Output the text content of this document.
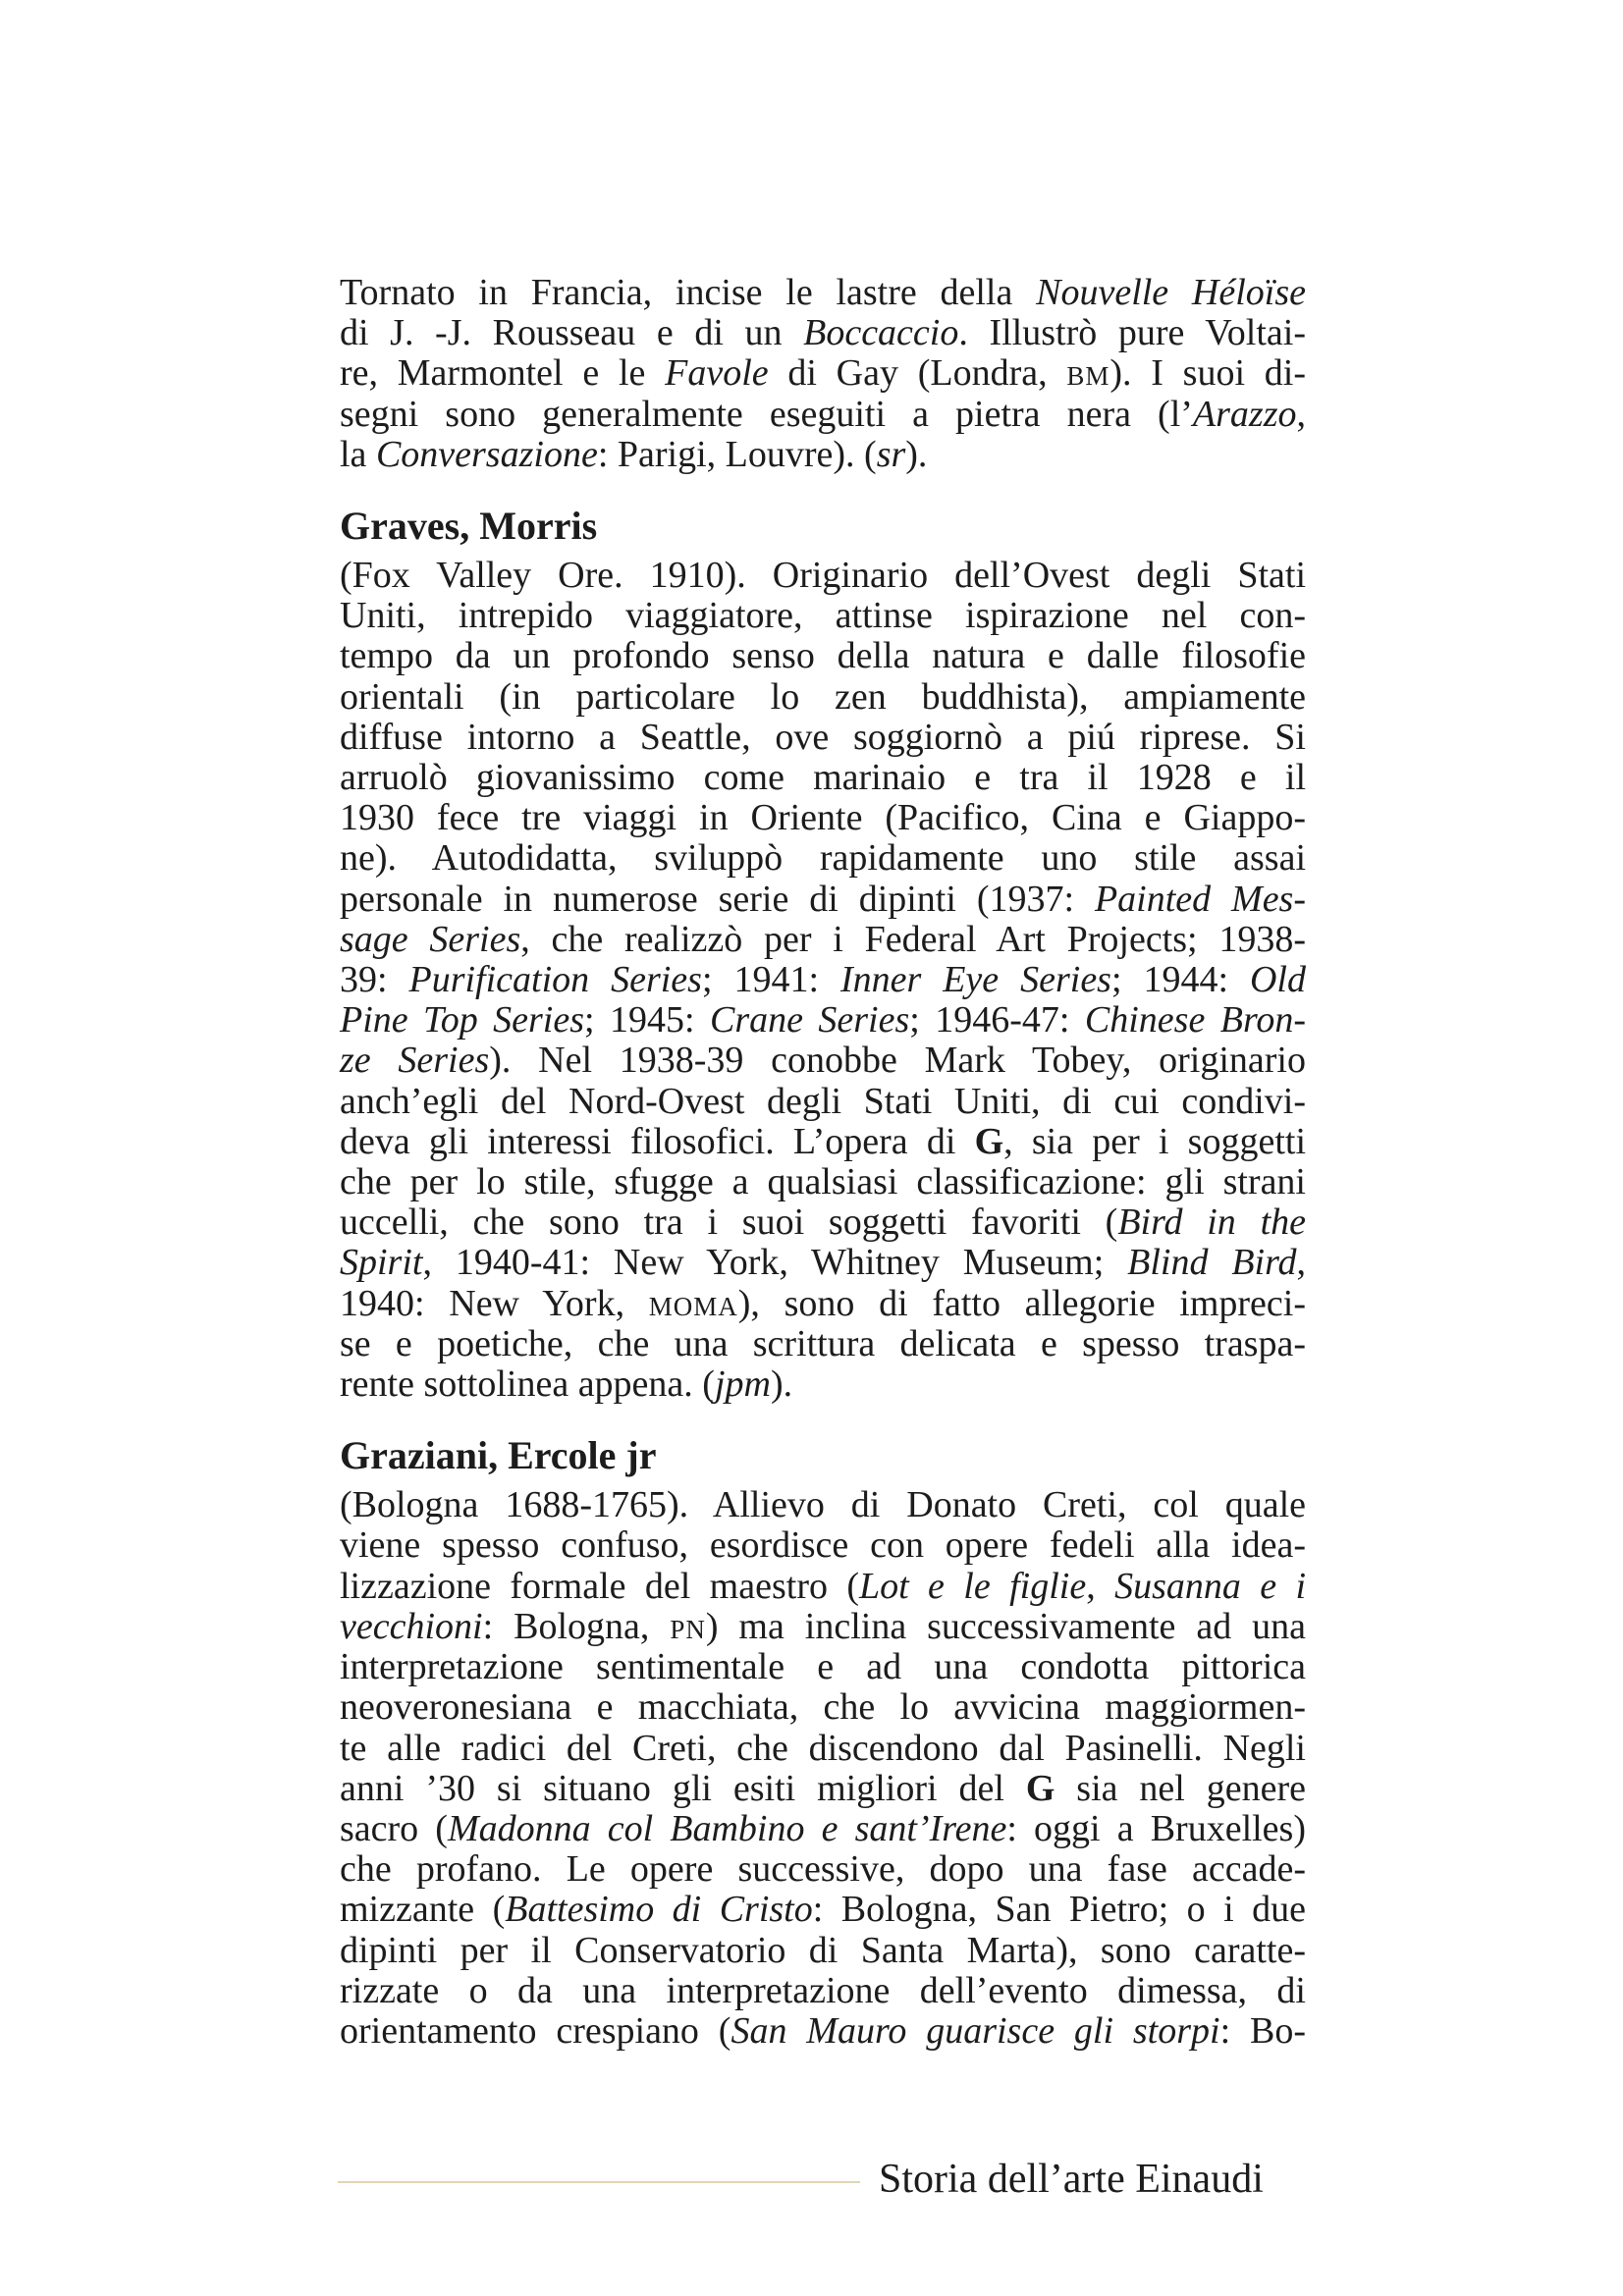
Tornato in Francia, incise le lastre della Nouvelle Héloïse
di J. -J. Rousseau e di un Boccaccio. Illustrò pure Voltai-
re, Marmontel e le Favole di Gay (Londra, bm). I suoi di-
segni sono generalmente eseguiti a pietra nera (l’Arazzo,
la Conversazione: Parigi, Louvre). (sr).

Graves, Morris

(Fox Valley Ore. 1910). Originario dell’Ovest degli Stati
Uniti, intrepido viaggiatore, attinse ispirazione nel con-
tempo da un profondo senso della natura e dalle filosofie
orientali (in particolare lo zen buddhista), ampiamente
diffuse intorno a Seattle, ove soggiornò a piú riprese. Si
arruolò giovanissimo come marinaio e tra il 1928 e il
1930 fece tre viaggi in Oriente (Pacifico, Cina e Giappo-
ne). Autodidatta, sviluppò rapidamente uno stile assai
personale in numerose serie di dipinti (1937: Painted Mes-
sage Series, che realizzò per i Federal Art Projects; 1938-
39: Purification Series; 1941: Inner Eye Series; 1944: Old
Pine Top Series; 1945: Crane Series; 1946-47: Chinese Bron-
ze Series). Nel 1938-39 conobbe Mark Tobey, originario
anch’egli del Nord-Ovest degli Stati Uniti, di cui condivi-
deva gli interessi filosofici. L’opera di G, sia per i soggetti
che per lo stile, sfugge a qualsiasi classificazione: gli strani
uccelli, che sono tra i suoi soggetti favoriti (Bird in the
Spirit, 1940-41: New York, Whitney Museum; Blind Bird,
1940: New York, moma), sono di fatto allegorie impreci-
se e poetiche, che una scrittura delicata e spesso traspa-
rente sottolinea appena. (jpm).

Graziani, Ercole jr

(Bologna 1688-1765). Allievo di Donato Creti, col quale
viene spesso confuso, esordisce con opere fedeli alla idea-
lizzazione formale del maestro (Lot e le figlie, Susanna e i
vecchioni: Bologna, pn) ma inclina successivamente ad una
interpretazione sentimentale e ad una condotta pittorica
neoveronesiana e macchiata, che lo avvicina maggiormen-
te alle radici del Creti, che discendono dal Pasinelli. Negli
anni ’30 si situano gli esiti migliori del G sia nel genere
sacro (Madonna col Bambino e sant’Irene: oggi a Bruxelles)
che profano. Le opere successive, dopo una fase accade-
mizzante (Battesimo di Cristo: Bologna, San Pietro; o i due
dipinti per il Conservatorio di Santa Marta), sono caratte-
rizzate o da una interpretazione dell’evento dimessa, di
orientamento crespiano (San Mauro guarisce gli storpi: Bo-

Storia dell’arte Einaudi
